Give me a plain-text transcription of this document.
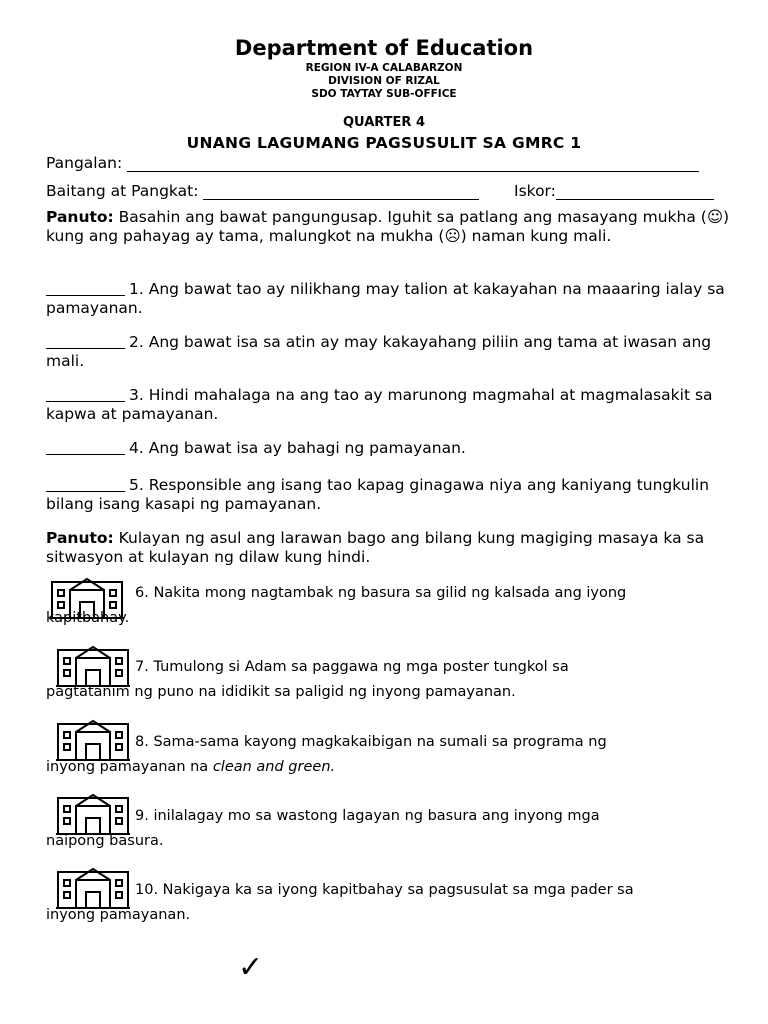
Department of Education
REGION IV-A CALABARZON
DIVISION OF RIZAL
SDO TAYTAY SUB-OFFICE
QUARTER 4
UNANG LAGUMANG PAGSUSULIT SA GMRC 1
Pangalan:
Baitang at Pangkat:	Iskor:
Panuto: Basahin ang bawat pangungusap. Iguhit sa patlang ang masayang mukha (☺) kung ang pahayag ay tama, malungkot na mukha (☹) naman kung mali.
1. Ang bawat tao ay nilikhang may talion at kakayahan na maaaring ialay sa pamayanan.
2. Ang bawat isa sa atin ay may kakayahang piliin ang tama at iwasan ang mali.
3. Hindi mahalaga na ang tao ay marunong magmahal at magmalasakit sa kapwa at pamayanan.
4. Ang bawat isa ay bahagi ng pamayanan.
5. Responsible ang isang tao kapag ginagawa niya ang kaniyang tungkulin bilang isang kasapi ng pamayanan.
Panuto: Kulayan ng asul ang larawan bago ang bilang kung magiging masaya ka sa sitwasyon at kulayan ng dilaw kung hindi.
6. Nakita mong nagtambak ng basura sa gilid ng kalsada ang iyong
kapitbahay.
7. Tumulong si Adam sa paggawa ng mga poster tungkol sa
pagtatanim ng puno na ididikit sa paligid ng inyong pamayanan.
8. Sama-sama kayong magkakaibigan na sumali sa programa ng
inyong pamayanan na clean and green.
9. inilalagay mo sa wastong lagayan ng basura ang inyong mga
naipong basura.
10. Nakigaya ka sa iyong kapitbahay sa pagsusulat sa mga pader sa
inyong pamayanan.
✓
